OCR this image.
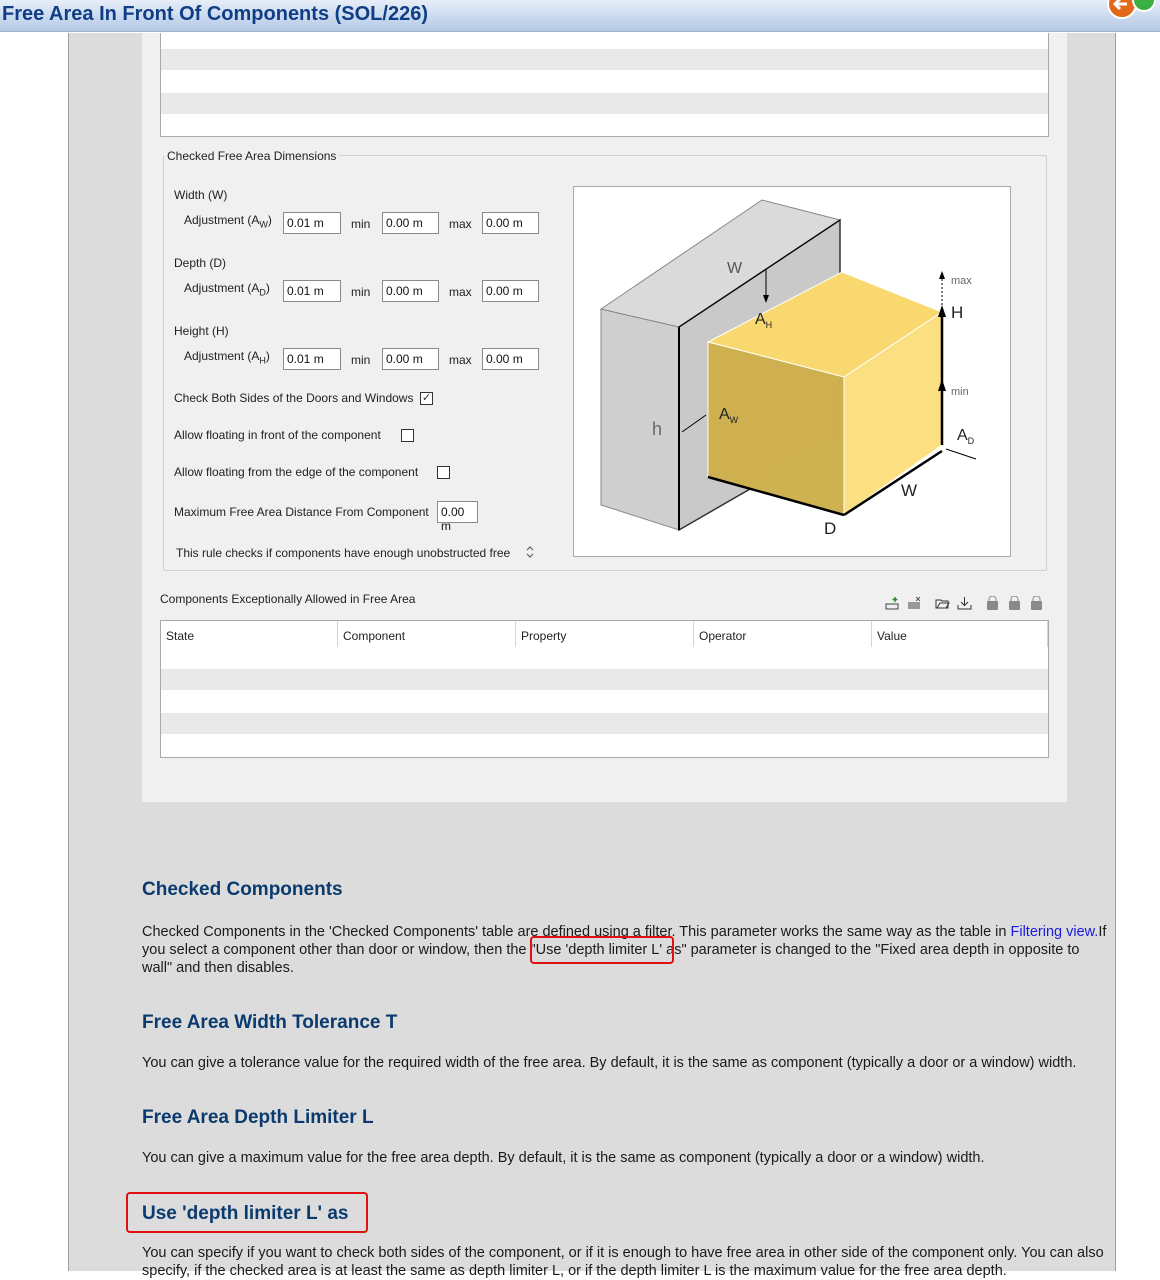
Free Area In Front Of Components (SOL/226)
Checked Free Area Dimensions
Width (W)
Adjustment $(A_W)$	0.01 m	min	0.00 m	max	0.00 m
Depth (D)
Adjustment $(A_D)$	0.01 m	min	0.00 m	max	0.00 m
Height (H)
Adjustment $(A_H)$	0.01 m	min	0.00 m	max	0.00 m
Check Both Sides of the Doors and Windows ✓
Allow floating in front of the component
Allow floating from the edge of the component
Maximum Free Area Distance From Component	0.00 m
This rule checks if components have enough unobstructed free
W
$A_H$
h
$A_W$
max
H
min
$A_D$
W
D
Components Exceptionally Allowed in Free Area
State	Component	Property	Operator	Value
Checked Components
Checked Components in the 'Checked Components' table are defined using a filter. This parameter works the same way as the table in Filtering view.If
you select a component other than door or window, then the "Use 'depth limiter L' as" parameter is changed to the "Fixed area depth in opposite to
wall" and then disables.
Free Area Width Tolerance T
You can give a tolerance value for the required width of the free area. By default, it is the same as component (typically a door or a window) width.
Free Area Depth Limiter L
You can give a maximum value for the free area depth. By default, it is the same as component (typically a door or a window) width.
Use 'depth limiter L' as
You can specify if you want to check both sides of the component, or if it is enough to have free area in other side of the component only. You can also
specify, if the checked area is at least the same as depth limiter L, or if the depth limiter L is the maximum value for the free area depth.
